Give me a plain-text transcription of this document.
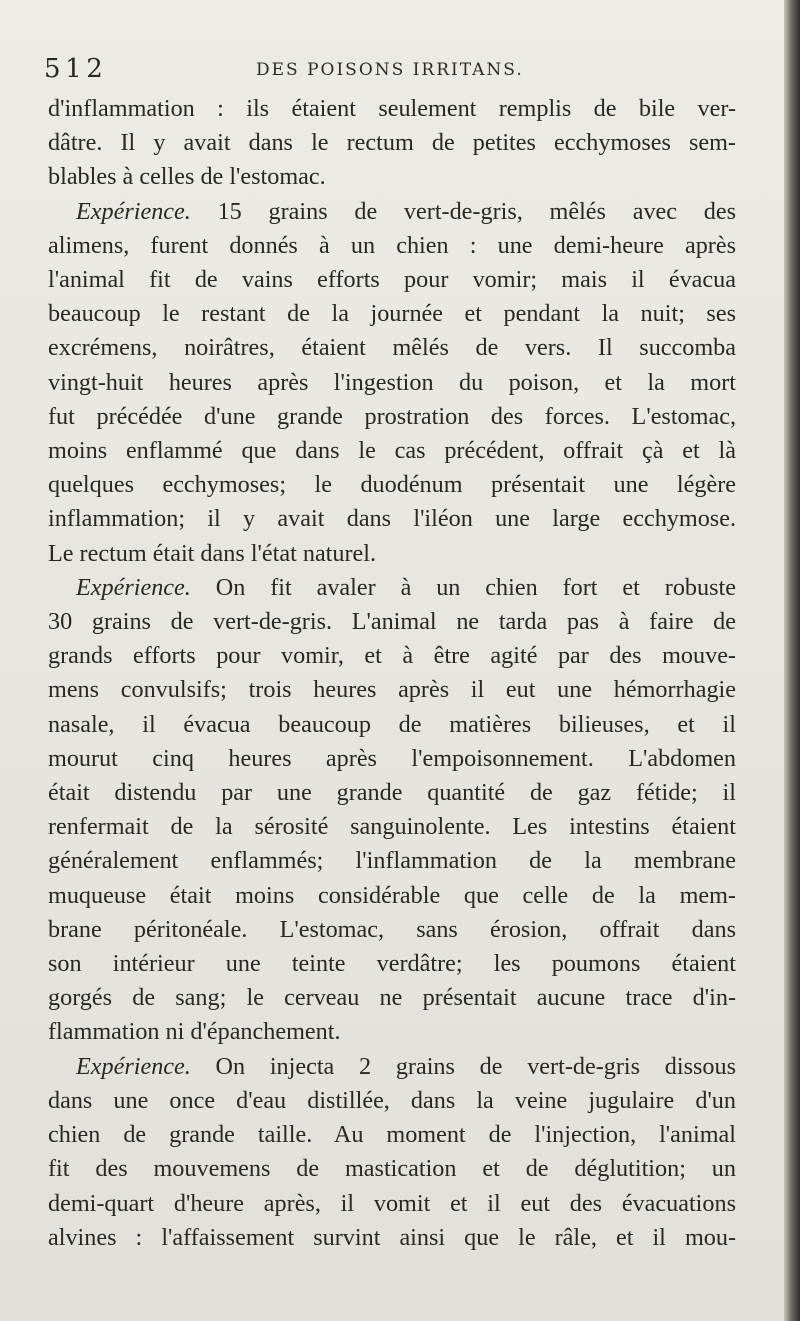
5 1 2	DES POISONS IRRITANS.
d'inflammation : ils étaient seulement remplis de bile ver-
dâtre. Il y avait dans le rectum de petites ecchymoses sem-
blables à celles de l'estomac.
Expérience. 15 grains de vert-de-gris, mêlés avec des
alimens, furent donnés à un chien : une demi-heure après
l'animal fit de vains efforts pour vomir; mais il évacua
beaucoup le restant de la journée et pendant la nuit; ses
excrémens, noirâtres, étaient mêlés de vers. Il succomba
vingt-huit heures après l'ingestion du poison, et la mort
fut précédée d'une grande prostration des forces. L'estomac,
moins enflammé que dans le cas précédent, offrait çà et là
quelques ecchymoses; le duodénum présentait une légère
inflammation; il y avait dans l'iléon une large ecchymose.
Le rectum était dans l'état naturel.
Expérience. On fit avaler à un chien fort et robuste
30 grains de vert-de-gris. L'animal ne tarda pas à faire de
grands efforts pour vomir, et à être agité par des mouve-
mens convulsifs; trois heures après il eut une hémorrhagie
nasale, il évacua beaucoup de matières bilieuses, et il
mourut cinq heures après l'empoisonnement. L'abdomen
était distendu par une grande quantité de gaz fétide; il
renfermait de la sérosité sanguinolente. Les intestins étaient
généralement enflammés; l'inflammation de la membrane
muqueuse était moins considérable que celle de la mem-
brane péritonéale. L'estomac, sans érosion, offrait dans
son intérieur une teinte verdâtre; les poumons étaient
gorgés de sang; le cerveau ne présentait aucune trace d'in-
flammation ni d'épanchement.
Expérience. On injecta 2 grains de vert-de-gris dissous
dans une once d'eau distillée, dans la veine jugulaire d'un
chien de grande taille. Au moment de l'injection, l'animal
fit des mouvemens de mastication et de déglutition; un
demi-quart d'heure après, il vomit et il eut des évacuations
alvines : l'affaissement survint ainsi que le râle, et il mou-
